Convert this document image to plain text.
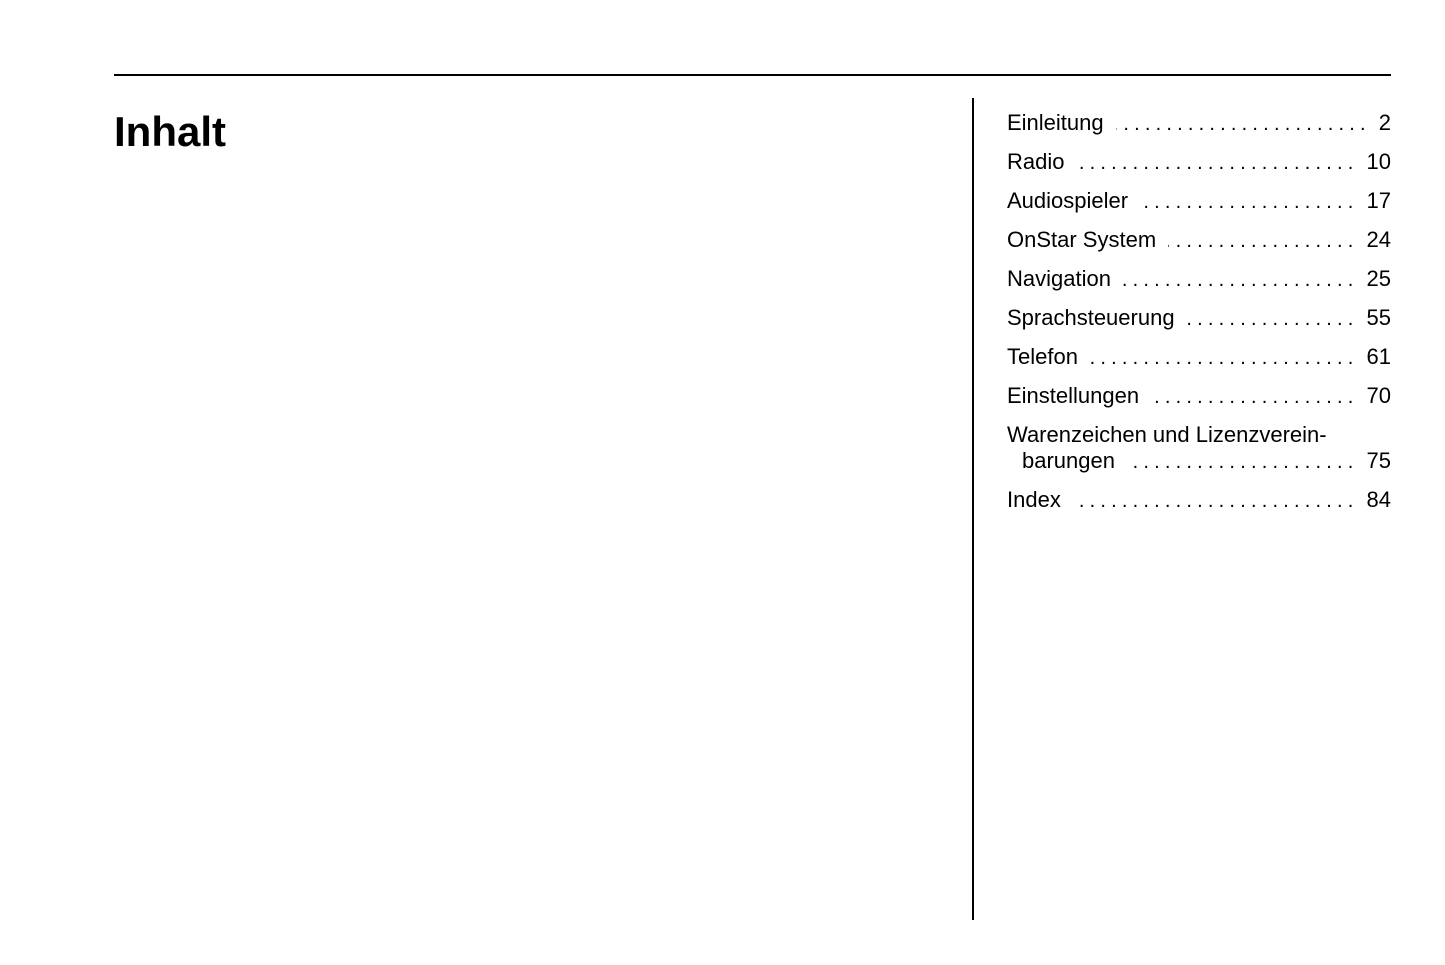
Inhalt	Einleitung .....	2
Radio .....	10
Audiospieler .....	17
OnStar System .....	24
Navigation .....	25
Sprachsteuerung .....	55
Telefon .....	61
Einstellungen .....	70
Warenzeichen und Lizenzverein-
barungen .....	75
Index .....	84
